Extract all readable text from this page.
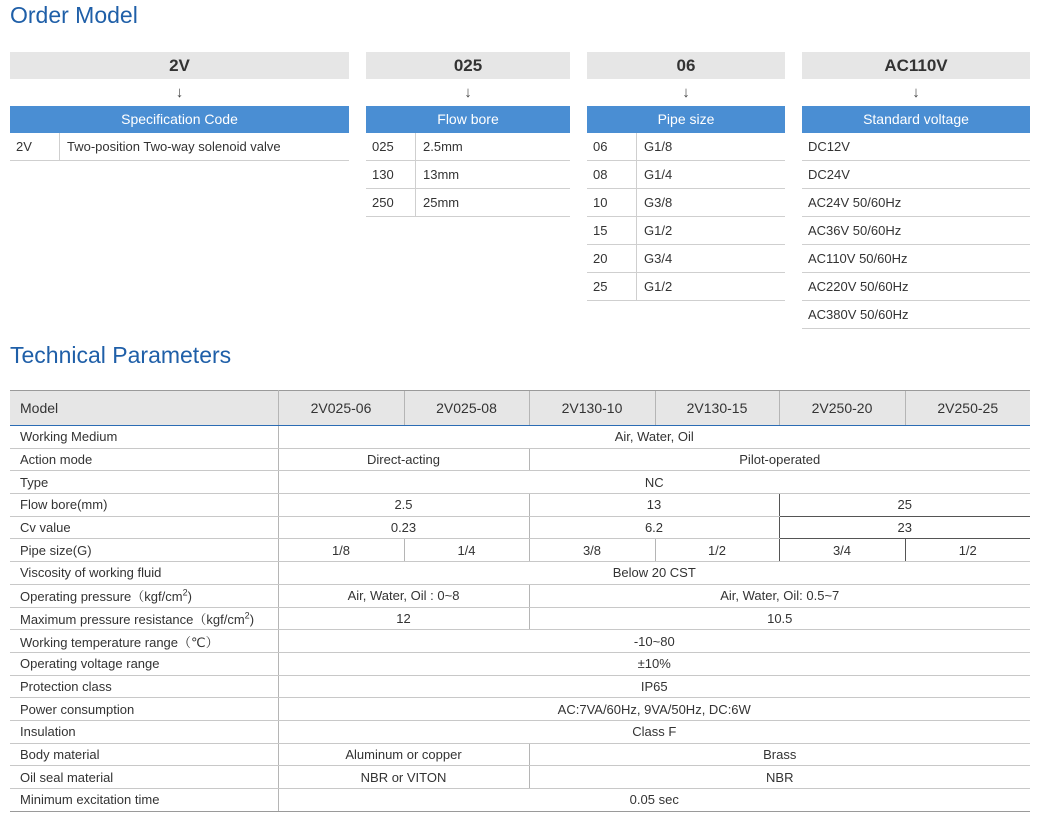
Order Model
2V
↓
Specification Code
2V	Two-position Two-way solenoid valve
025
↓
Flow bore
025	2.5mm
130	13mm
250	25mm
06
↓
Pipe size
06	G1/8
08	G1/4
10	G3/8
15	G1/2
20	G3/4
25	G1/2
AC110V
↓
Standard voltage
DC12V
DC24V
AC24V 50/60Hz
AC36V 50/60Hz
AC110V 50/60Hz
AC220V 50/60Hz
AC380V 50/60Hz
Technical Parameters
Model	2V025-06	2V025-08	2V130-10	2V130-15	2V250-20	2V250-25
Working Medium	Air, Water, Oil					
Action mode	Direct-acting		Pilot-operated			
Type	NC					
Flow bore(mm)	2.5		13		25	
Cv value	0.23		6.2		23	
Pipe size(G)	1/8	1/4	3/8	1/2	3/4	1/2
Viscosity of working fluid	Below 20 CST					
Operating $pressure(kgf/cm^2)$	Air, Water, Oil : 0~8		Air, Water, Oil: 0.5~7			
Maximum pressure $resistance(kgf/cm^2)$	12		10.5			
Working temperature range（℃）	-10~80					
Operating voltage range	±10%					
Protection class	IP65					
Power consumption	AC:7VA/60Hz, 9VA/50Hz, DC:6W					
Insulation	Class F					
Body material	Aluminum or copper		Brass			
Oil seal material	NBR or VITON		NBR			
Minimum excitation time	0.05 sec					
